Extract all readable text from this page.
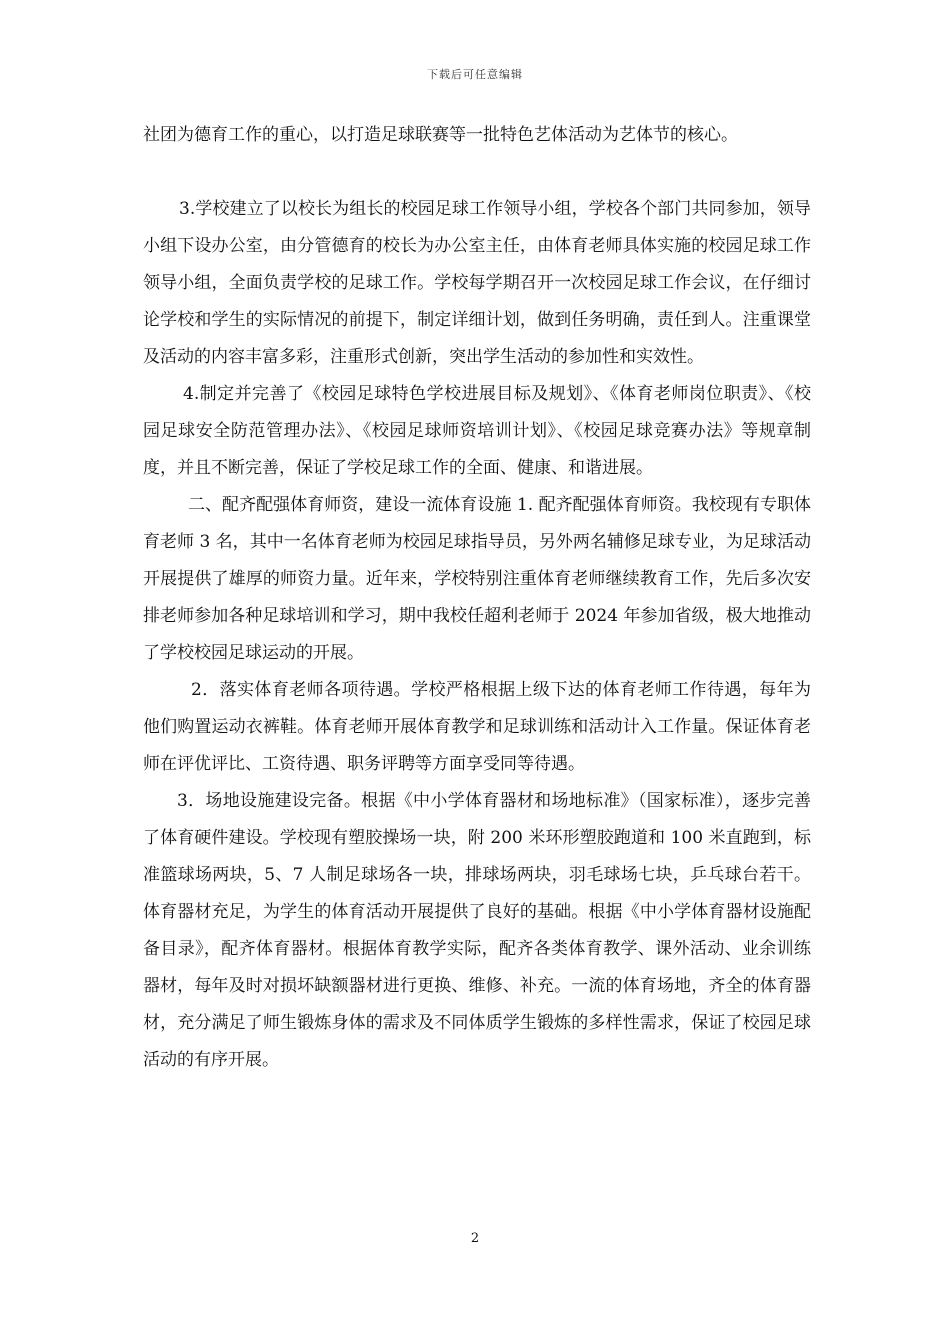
下载后可任意编辑

社团为德育工作的重心，以打造足球联赛等一批特色艺体活动为艺体节的核心。

3.学校建立了以校长为组长的校园足球工作领导小组，学校各个部门共同参加，领导小组下设办公室，由分管德育的校长为办公室主任，由体育老师具体实施的校园足球工作领导小组，全面负责学校的足球工作。学校每学期召开一次校园足球工作会议，在仔细讨论学校和学生的实际情况的前提下，制定详细计划，做到任务明确，责任到人。注重课堂及活动的内容丰富多彩，注重形式创新，突出学生活动的参加性和实效性。

4.制定并完善了《校园足球特色学校进展目标及规划》、《体育老师岗位职责》、《校园足球安全防范管理办法》、《校园足球师资培训计划》、《校园足球竞赛办法》等规章制度，并且不断完善，保证了学校足球工作的全面、健康、和谐进展。

二、配齐配强体育师资，建设一流体育设施 1. 配齐配强体育师资。我校现有专职体育老师 3 名，其中一名体育老师为校园足球指导员，另外两名辅修足球专业，为足球活动开展提供了雄厚的师资力量。近年来，学校特别注重体育老师继续教育工作，先后多次安排老师参加各种足球培训和学习，期中我校任超利老师于 2024 年参加省级，极大地推动了学校校园足球运动的开展。

2．落实体育老师各项待遇。学校严格根据上级下达的体育老师工作待遇，每年为他们购置运动衣裤鞋。体育老师开展体育教学和足球训练和活动计入工作量。保证体育老师在评优评比、工资待遇、职务评聘等方面享受同等待遇。

3．场地设施建设完备。根据《中小学体育器材和场地标准》（国家标准），逐步完善了体育硬件建设。学校现有塑胶操场一块，附 200 米环形塑胶跑道和 100 米直跑到，标准篮球场两块，5、7 人制足球场各一块，排球场两块，羽毛球场七块，乒乓球台若干。体育器材充足，为学生的体育活动开展提供了良好的基础。根据《中小学体育器材设施配备目录》，配齐体育器材。根据体育教学实际，配齐各类体育教学、课外活动、业余训练器材，每年及时对损坏缺额器材进行更换、维修、补充。一流的体育场地，齐全的体育器材，充分满足了师生锻炼身体的需求及不同体质学生锻炼的多样性需求，保证了校园足球活动的有序开展。

2
